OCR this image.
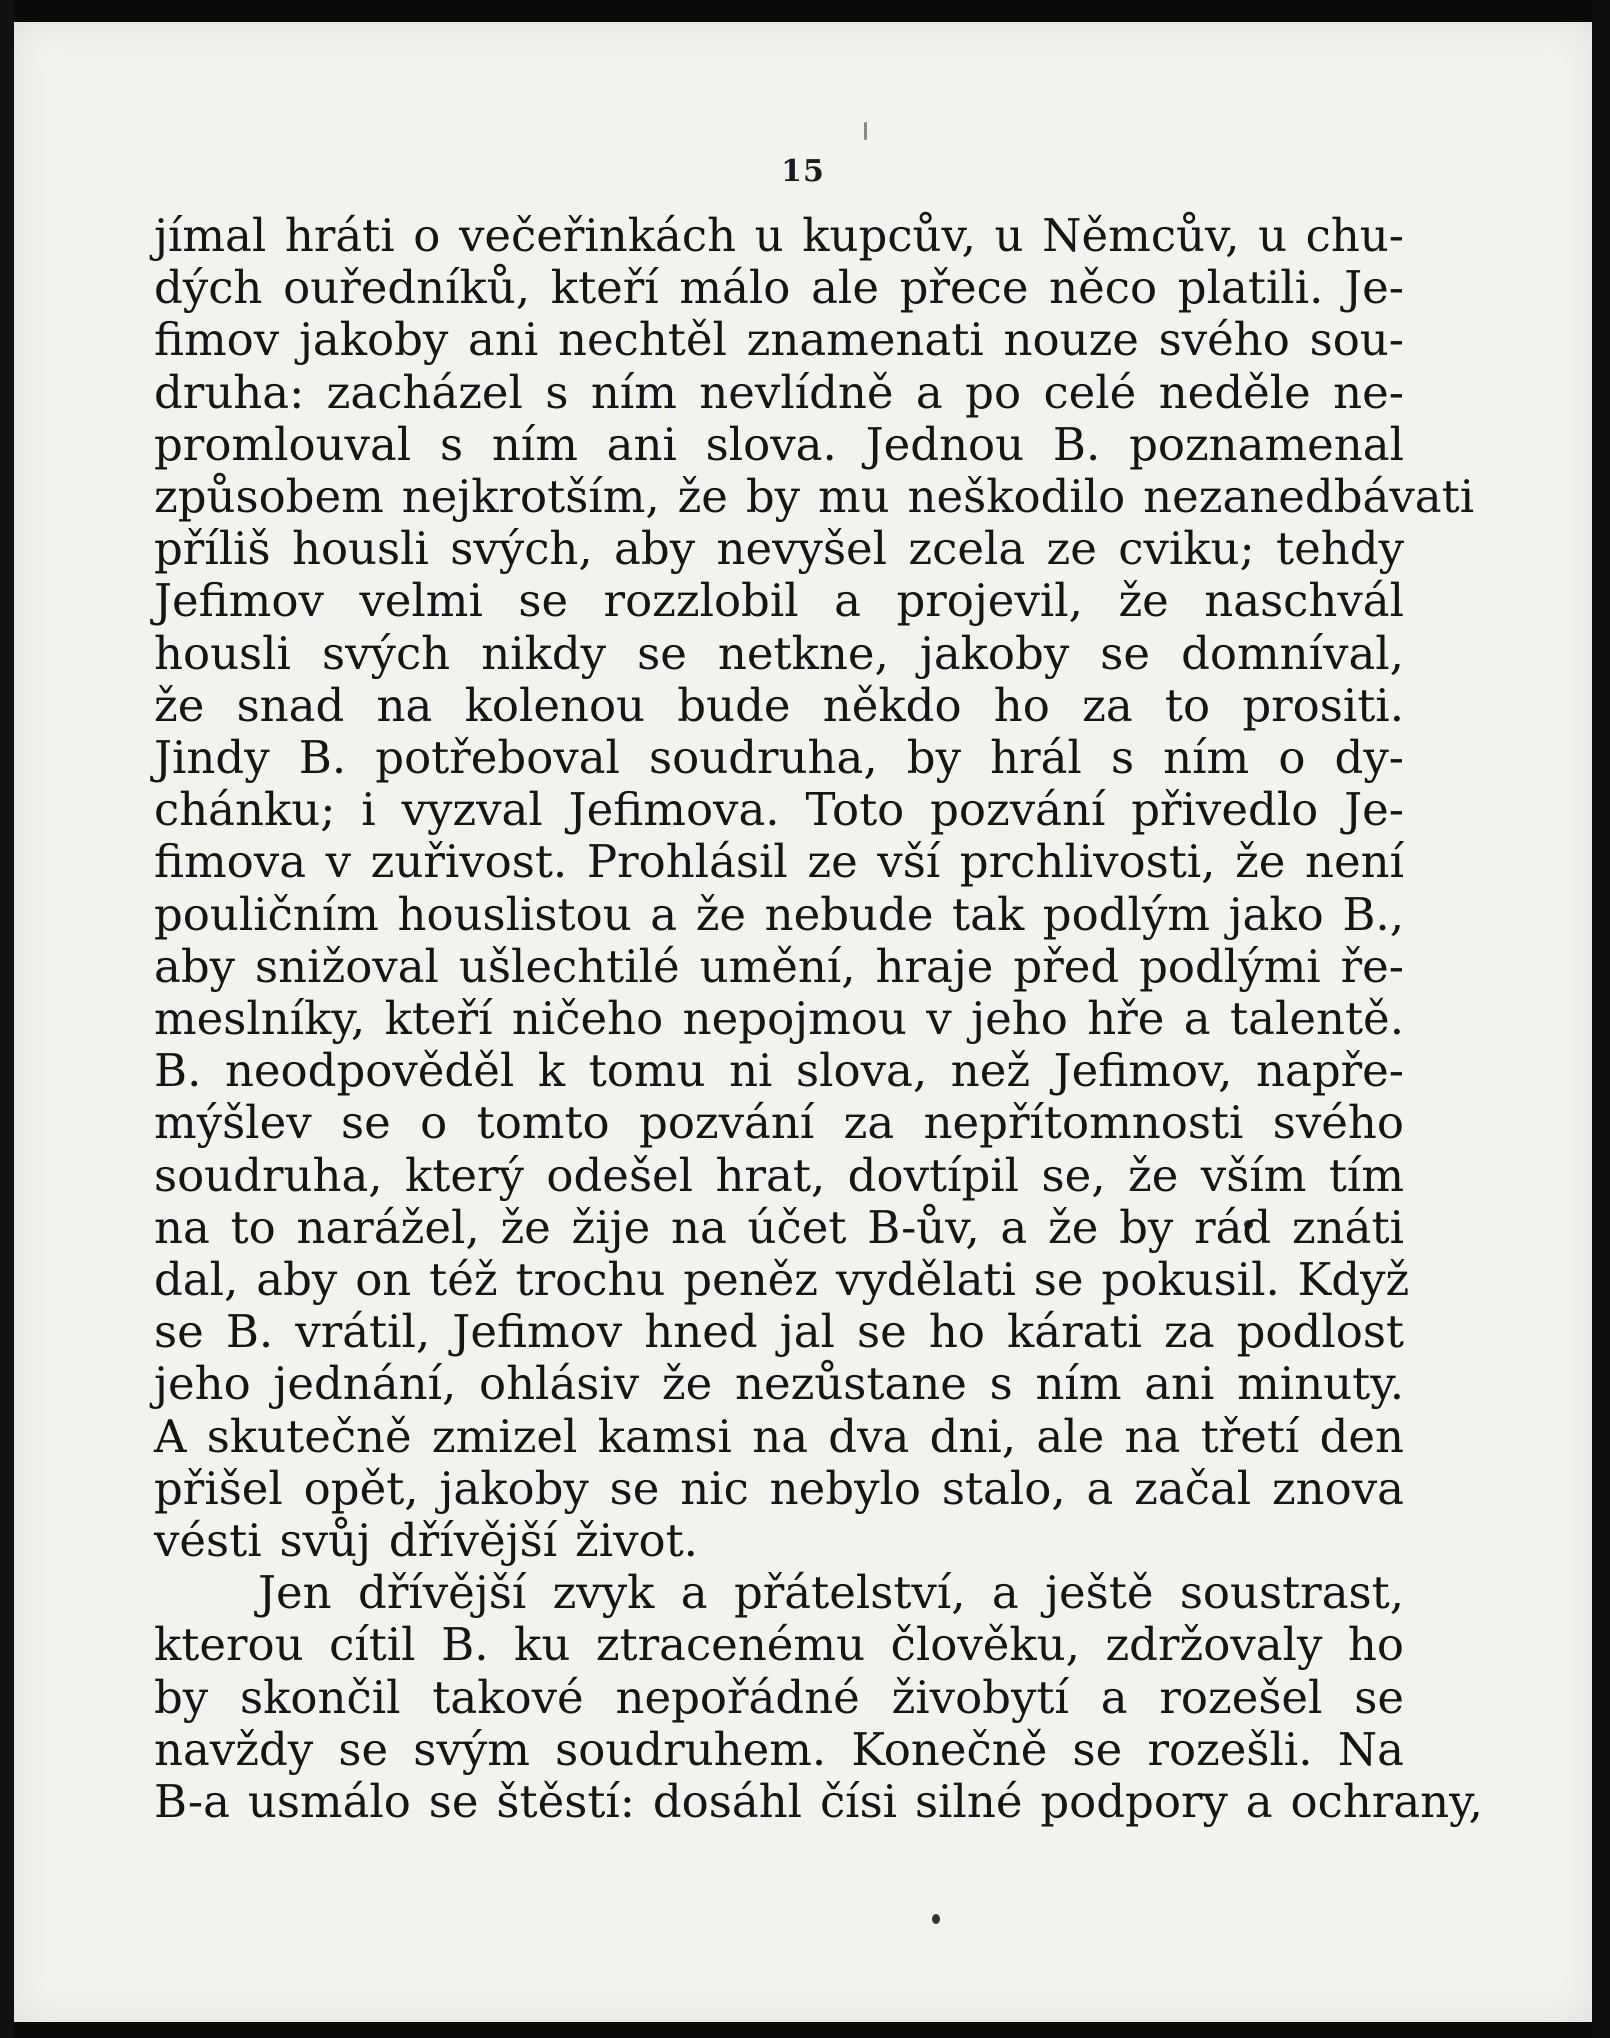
15
jímal hráti o večeřinkách u kupcův, u Němcův, u chu-
dých ouředníků, kteří málo ale přece něco platili. Je-
fimov jakoby ani nechtěl znamenati nouze svého sou-
druha: zacházel s ním nevlídně a po celé neděle ne-
promlouval s ním ani slova. Jednou B. poznamenal
způsobem nejkrotším, že by mu neškodilo nezanedbávati
příliš housli svých, aby nevyšel zcela ze cviku; tehdy
Jefimov velmi se rozzlobil a projevil, že naschvál
housli svých nikdy se netkne, jakoby se domníval,
že snad na kolenou bude někdo ho za to prositi.
Jindy B. potřeboval soudruha, by hrál s ním o dy-
chánku; i vyzval Jefimova. Toto pozvání přivedlo Je-
fimova v zuřivost. Prohlásil ze vší prchlivosti, že není
pouličním houslistou a že nebude tak podlým jako B.,
aby snižoval ušlechtilé umění, hraje před podlými ře-
meslníky, kteří ničeho nepojmou v jeho hře a talentě.
B. neodpověděl k tomu ni slova, než Jefimov, napře-
mýšlev se o tomto pozvání za nepřítomnosti svého
soudruha, který odešel hrat, dovtípil se, že vším tím
na to narážel, že žije na účet B-ův, a že by rád znáti
dal, aby on též trochu peněz vydělati se pokusil. Když
se B. vrátil, Jefimov hned jal se ho kárati za podlost
jeho jednání, ohlásiv že nezůstane s ním ani minuty.
A skutečně zmizel kamsi na dva dni, ale na třetí den
přišel opět, jakoby se nic nebylo stalo, a začal znova
vésti svůj dřívější život.
Jen dřívější zvyk a přátelství, a ještě soustrast,
kterou cítil B. ku ztracenému člověku, zdržovaly ho
by skončil takové nepořádné živobytí a rozešel se
navždy se svým soudruhem. Konečně se rozešli. Na
B-a usmálo se štěstí: dosáhl čísi silné podpory a ochrany,
